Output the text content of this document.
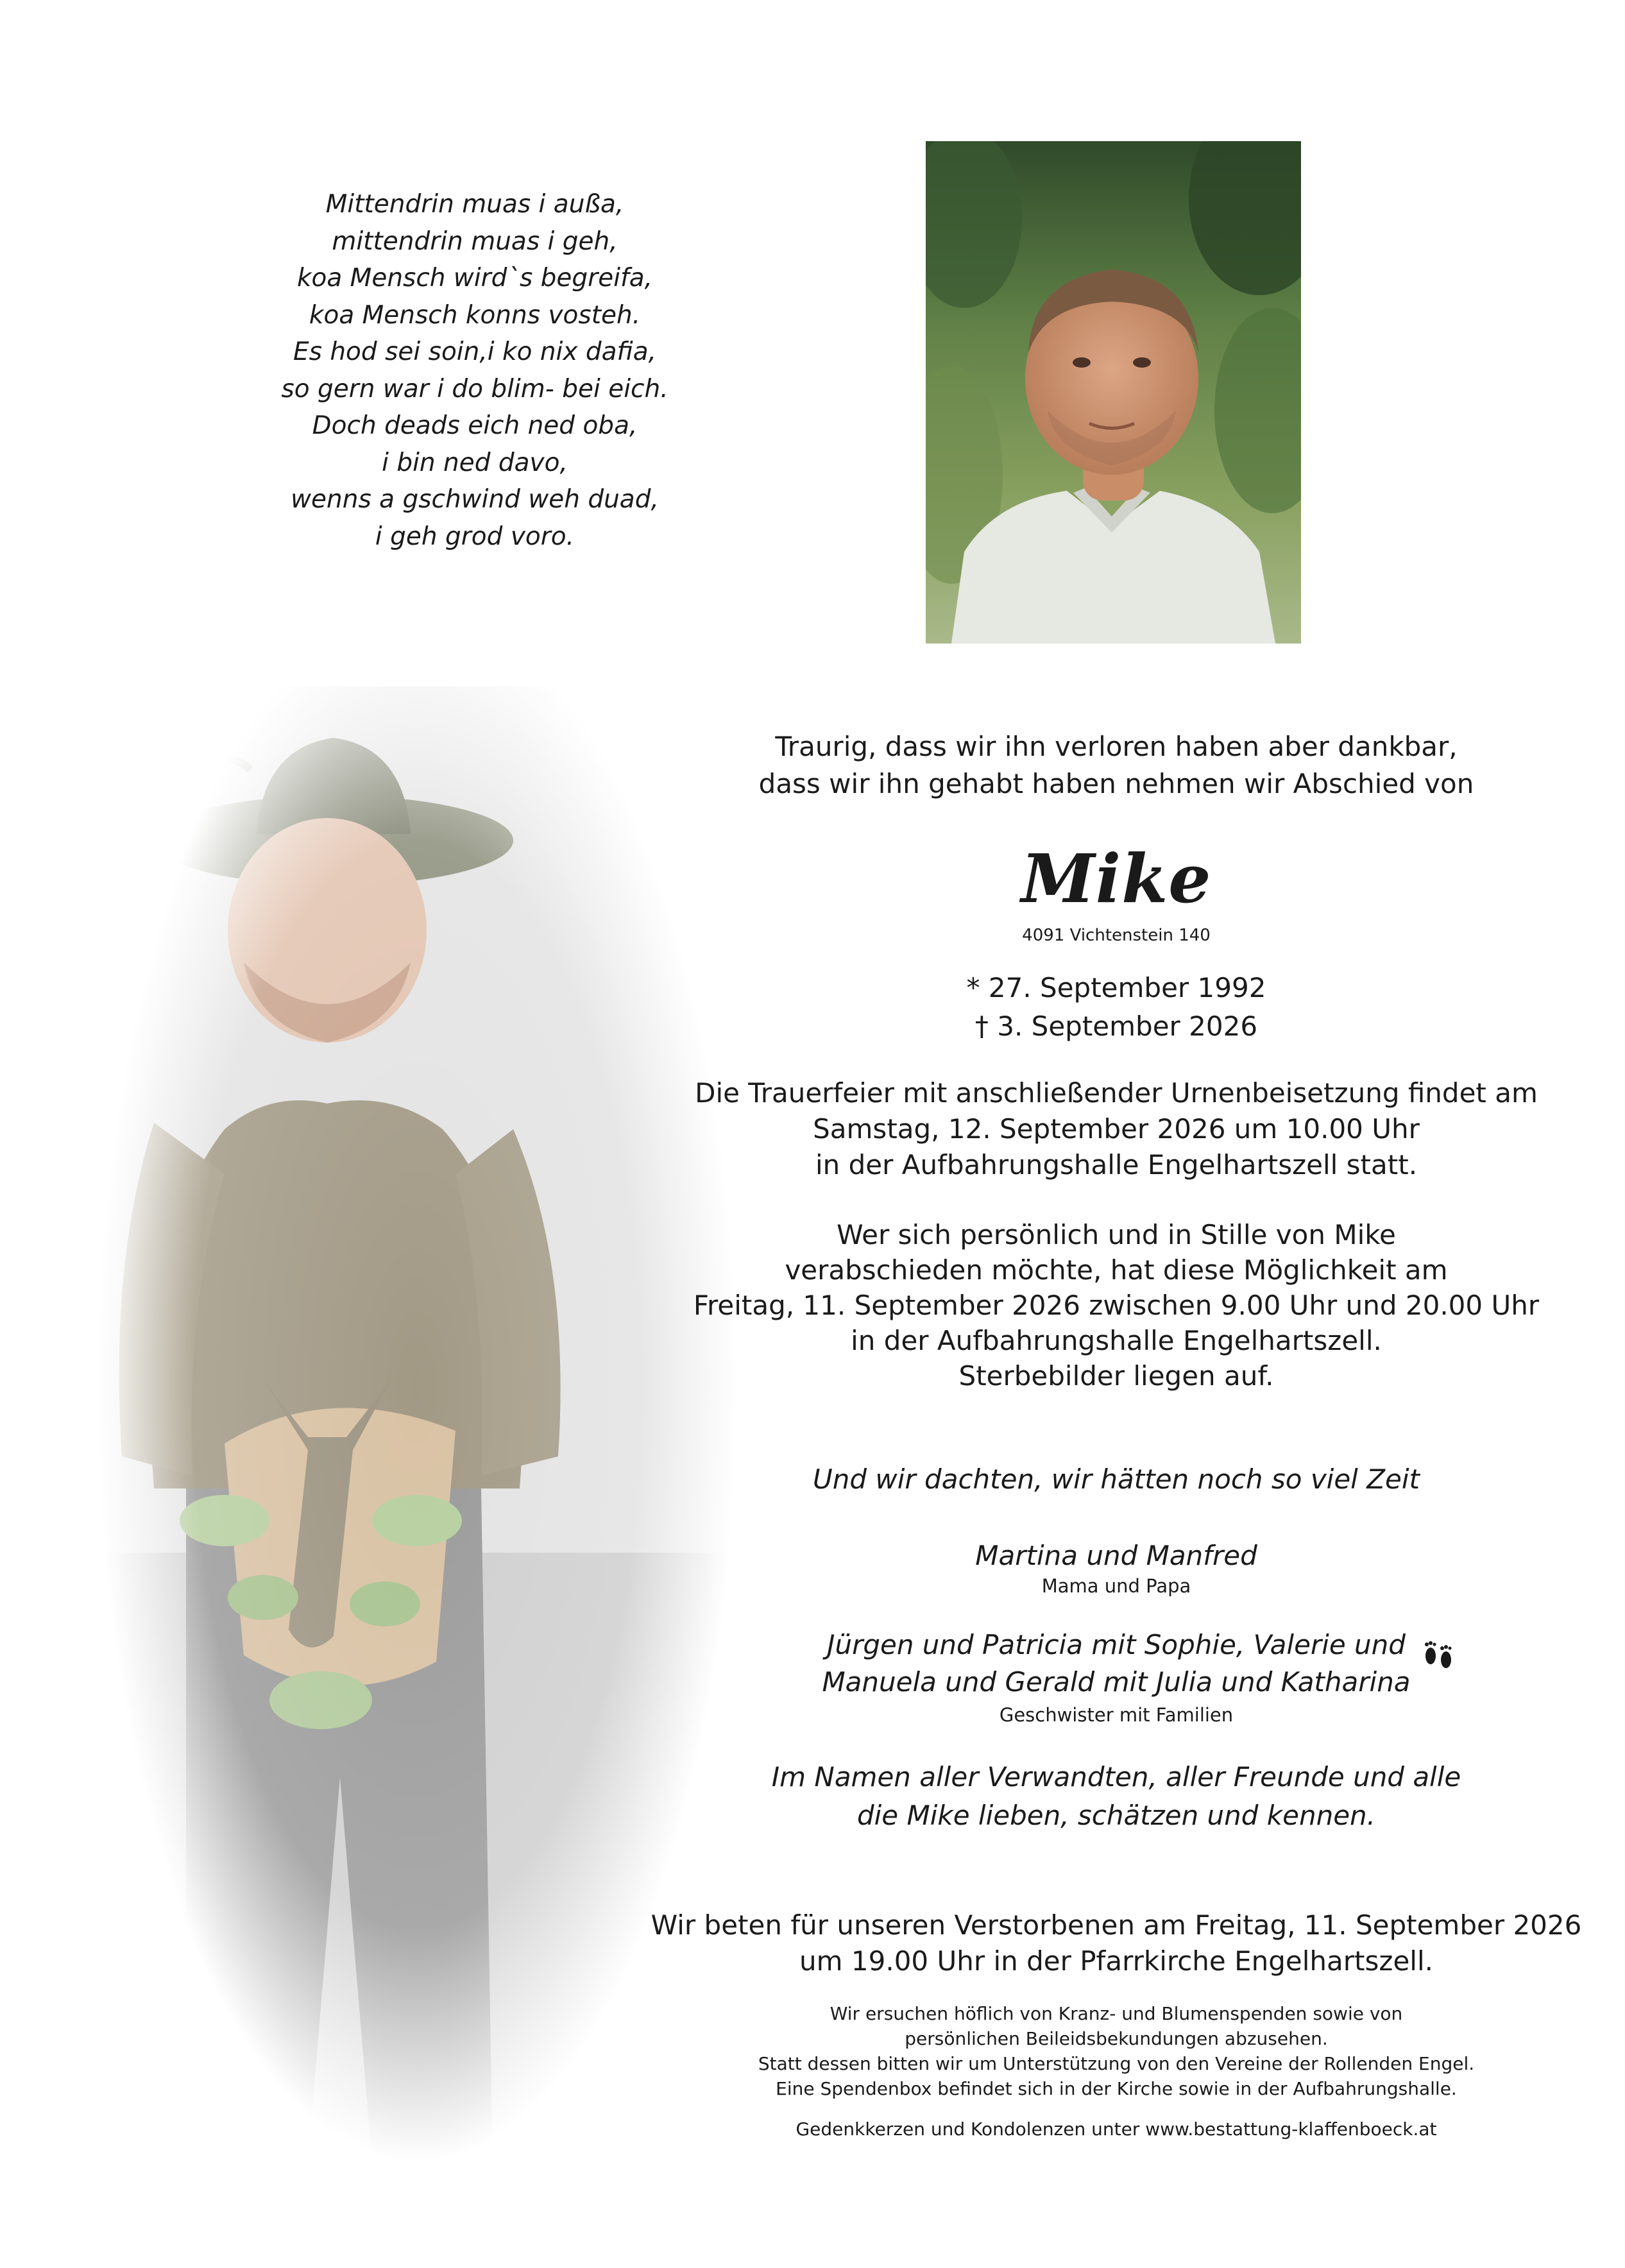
Mittendrin muas i außa,
mittendrin muas i geh,
koa Mensch wird`s begreifa,
koa Mensch konns vosteh.
Es hod sei soin,i ko nix dafia,
so gern war i do blim- bei eich.
Doch deads eich ned oba,
i bin ned davo,
wenns a gschwind weh duad,
i geh grod voro.
Traurig, dass wir ihn verloren haben aber dankbar,
dass wir ihn gehabt haben nehmen wir Abschied von
Mike
4091 Vichtenstein 140
* 27. September 1992
† 3. September 2026
Die Trauerfeier mit anschließender Urnenbeisetzung findet am
Samstag, 12. September 2026 um 10.00 Uhr
in der Aufbahrungshalle Engelhartszell statt.
Wer sich persönlich und in Stille von Mike
verabschieden möchte, hat diese Möglichkeit am
Freitag, 11. September 2026 zwischen 9.00 Uhr und 20.00 Uhr
in der Aufbahrungshalle Engelhartszell.
Sterbebilder liegen auf.
Und wir dachten, wir hätten noch so viel Zeit
Martina und Manfred
Mama und Papa
Jürgen und Patricia mit Sophie, Valerie und
Manuela und Gerald mit Julia und Katharina
Geschwister mit Familien
Im Namen aller Verwandten, aller Freunde und alle
die Mike lieben, schätzen und kennen.
Wir beten für unseren Verstorbenen am Freitag, 11. September 2026
um 19.00 Uhr in der Pfarrkirche Engelhartszell.
Wir ersuchen höflich von Kranz- und Blumenspenden sowie von
persönlichen Beileidsbekundungen abzusehen.
Statt dessen bitten wir um Unterstützung von den Vereine der Rollenden Engel.
Eine Spendenbox befindet sich in der Kirche sowie in der Aufbahrungshalle.
Gedenkkerzen und Kondolenzen unter www.bestattung-klaffenboeck.at
